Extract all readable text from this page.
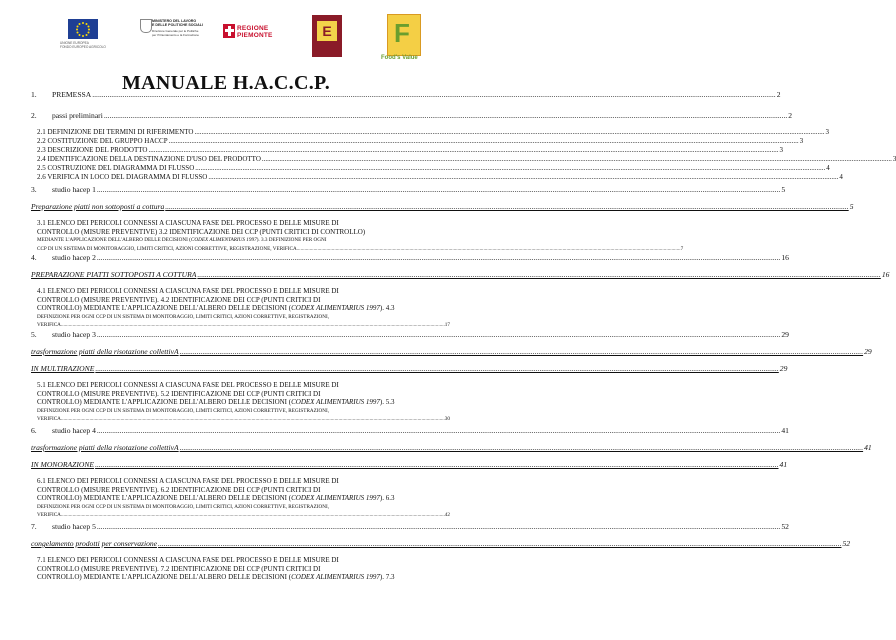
UNIONE EUROPEA
FONDO EUROPEO AGRICOLO
MINISTERO DEL LAVORO
E DELLE POLITICHE SOCIALI
Direzione Generale per le Politiche
per l'Orientamento e la Formazione
REGIONE
PIEMONTE	E F
Food's Value
MANUALE H.A.C.C.P.
1. PREMESSA .....	2
2. passi preliminari .....	2
2.1 DEFINIZIONE DEI TERMINI DI RIFERIMENTO .....	3
2.2 COSTITUZIONE DEL GRUPPO HACCP .....	3
2.3 DESCRIZIONE DEL PRODOTTO .....	3
2.4 IDENTIFICAZIONE DELLA DESTINAZIONE D'USO DEL PRODOTTO .....	3
2.5 COSTRUZIONE DEL DIAGRAMMA DI FLUSSO .....	4
2.6 VERIFICA IN LOCO DEL DIAGRAMMA DI FLUSSO .....	4
3. studio hacep 1 .....	5
Preparazione piatti non sottoposti a cottura .....	5
3.1 ELENCO DEI PERICOLI CONNESSI A CIASCUNA FASE DEL PROCESSO E DELLE MISURE DI
CONTROLLO (MISURE PREVENTIVE) 3.2 IDENTIFICAZIONE DEI CCP (PUNTI CRITICI DI CONTROLLO)
MEDIANTE L'APPLICAZIONE DELL'ALBERO DELLE DECISIONI (CODEX ALIMENTARIUS 1997). 3.3 DEFINIZIONE PER OGNI
CCP DI UN SISTEMA DI MONITORAGGIO, LIMITI CRITICI, AZIONI CORRETTIVE, REGISTRAZIONE, VERIFICA .....	7
4. studio hacep 2 .....	16
PREPARAZIONE PIATTI SOTTOPOSTI A COTTURA .....	16
4.1 ELENCO DEI PERICOLI CONNESSI A CIASCUNA FASE DEL PROCESSO E DELLE MISURE DI
CONTROLLO (MISURE PREVENTIVE). 4.2 IDENTIFICAZIONE DEI CCP (PUNTI CRITICI DI
CONTROLLO) MEDIANTE L'APPLICAZIONE DELL'ALBERO DELLE DECISIONI (CODEX ALIMENTARIUS 1997). 4.3
DEFINIZIONE PER OGNI CCP DI UN SISTEMA DI MONITORAGGIO, LIMITI CRITICI, AZIONI CORRETTIVE, REGISTRAZIONI,
VERIFICA .....	17
5. studio hacep 3 .....	29
trasformazione piatti della risotazione collettivA .....	29
IN MULTIRAZIONE .....	29
5.1 ELENCO DEI PERICOLI CONNESSI A CIASCUNA FASE DEL PROCESSO E DELLE MISURE DI
CONTROLLO (MISURE PREVENTIVE). 5.2 IDENTIFICAZIONE DEI CCP (PUNTI CRITICI DI
CONTROLLO) MEDIANTE L'APPLICAZIONE DELL'ALBERO DELLE DECISIONI (CODEX ALIMENTARIUS 1997). 5.3
DEFINIZIONE PER OGNI CCP DI UN SISTEMA DI MONITORAGGIO, LIMITI CRITICI, AZIONI CORRETTIVE, REGISTRAZIONI,
VERIFICA .....	30
6. studio hacep 4 .....	41
trasformazione piatti della risotazione collettivA .....	41
IN MONORAZIONE .....	41
6.1 ELENCO DEI PERICOLI CONNESSI A CIASCUNA FASE DEL PROCESSO E DELLE MISURE DI
CONTROLLO (MISURE PREVENTIVE). 6.2 IDENTIFICAZIONE DEI CCP (PUNTI CRITICI DI
CONTROLLO) MEDIANTE L'APPLICAZIONE DELL'ALBERO DELLE DECISIONI (CODEX ALIMENTARIUS 1997). 6.3
DEFINIZIONE PER OGNI CCP DI UN SISTEMA DI MONITORAGGIO, LIMITI CRITICI, AZIONI CORRETTIVE, REGISTRAZIONI,
VERIFICA .....	42
7. studio hacep 5 .....	52
congelamento prodotti per conservazione .....	52
7.1 ELENCO DEI PERICOLI CONNESSI A CIASCUNA FASE DEL PROCESSO E DELLE MISURE DI
CONTROLLO (MISURE PREVENTIVE). 7.2 IDENTIFICAZIONE DEI CCP (PUNTI CRITICI DI
CONTROLLO) MEDIANTE L'APPLICAZIONE DELL'ALBERO DELLE DECISIONI (CODEX ALIMENTARIUS 1997). 7.3
